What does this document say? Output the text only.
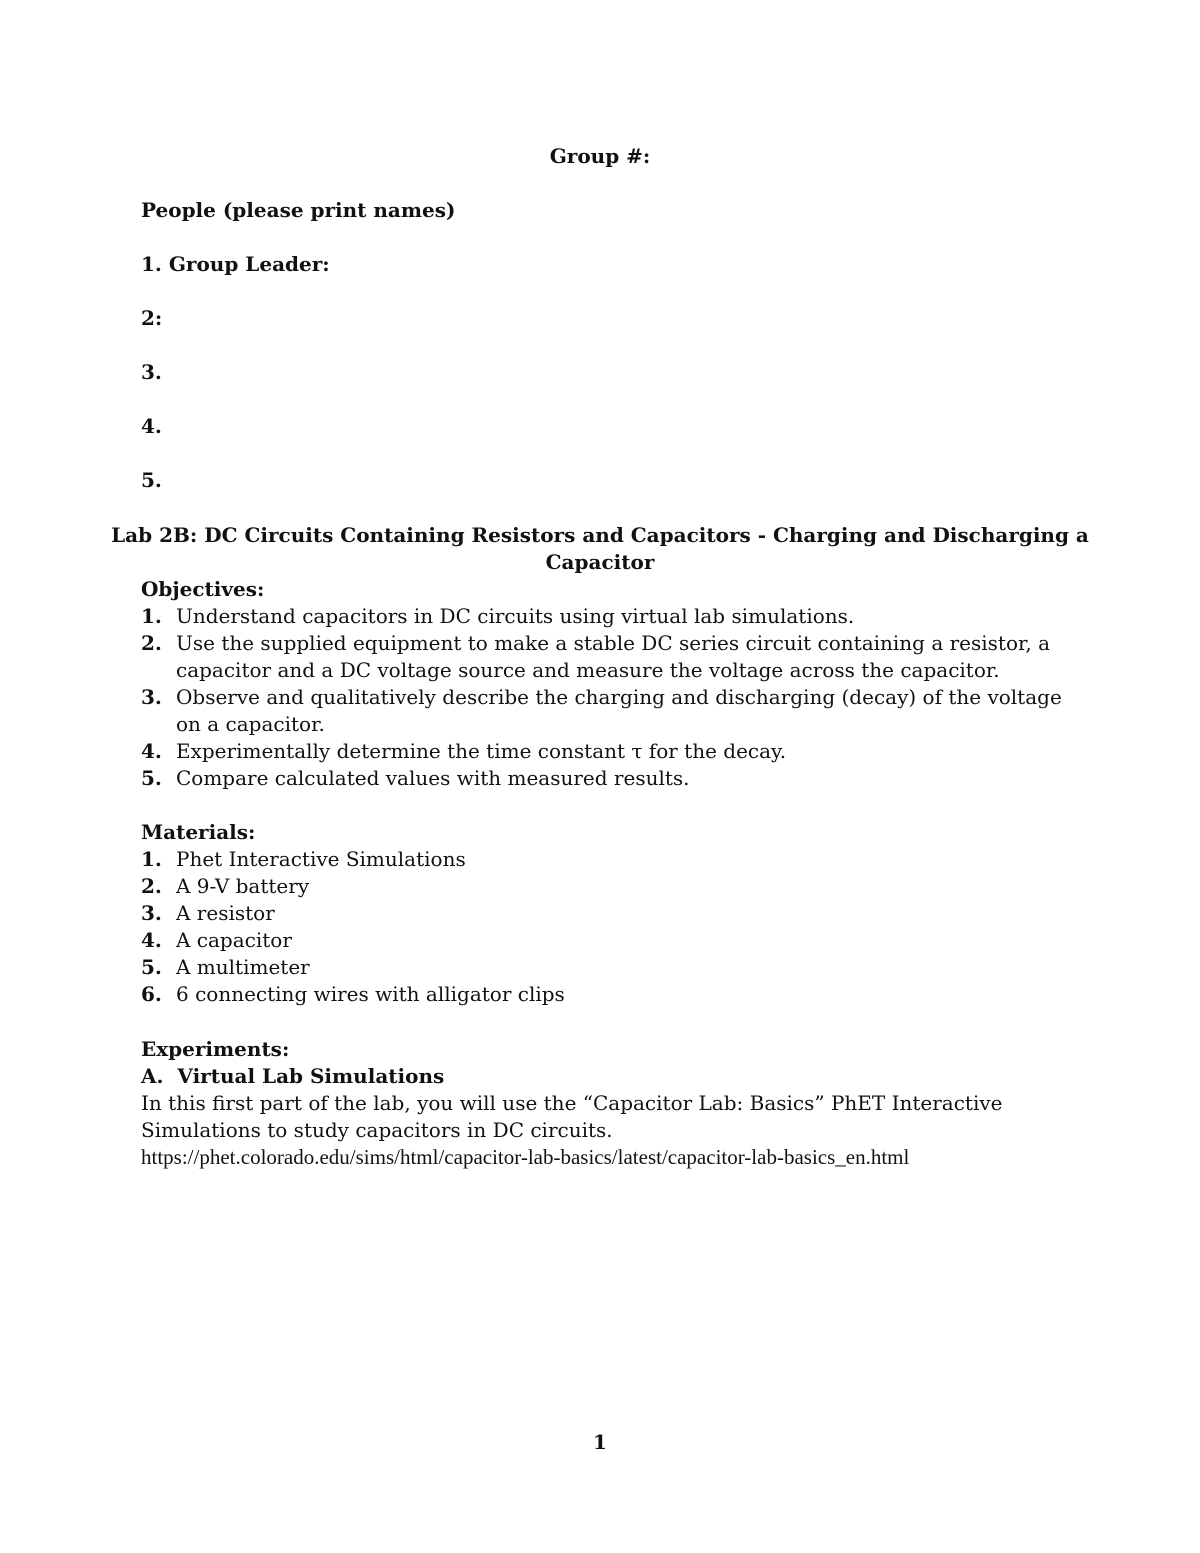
Group #:
People (please print names)
1. Group Leader:
2:
3.
4.
5.
Lab 2B: DC Circuits Containing Resistors and Capacitors - Charging and Discharging a
Capacitor
Objectives:
1. Understand capacitors in DC circuits using virtual lab simulations.
2. Use the supplied equipment to make a stable DC series circuit containing a resistor, a capacitor and a DC voltage source and measure the voltage across the capacitor.
3. Observe and qualitatively describe the charging and discharging (decay) of the voltage on a capacitor.
4. Experimentally determine the time constant τ for the decay.
5. Compare calculated values with measured results.
Materials:
1. Phet Interactive Simulations
2. A 9-V battery
3. A resistor
4. A capacitor
5. A multimeter
6. 6 connecting wires with alligator clips
Experiments:
A.  Virtual Lab Simulations
In this first part of the lab, you will use the “Capacitor Lab: Basics” PhET Interactive
Simulations to study capacitors in DC circuits.
https://phet.colorado.edu/sims/html/capacitor-lab-basics/latest/capacitor-lab-basics_en.html
1
